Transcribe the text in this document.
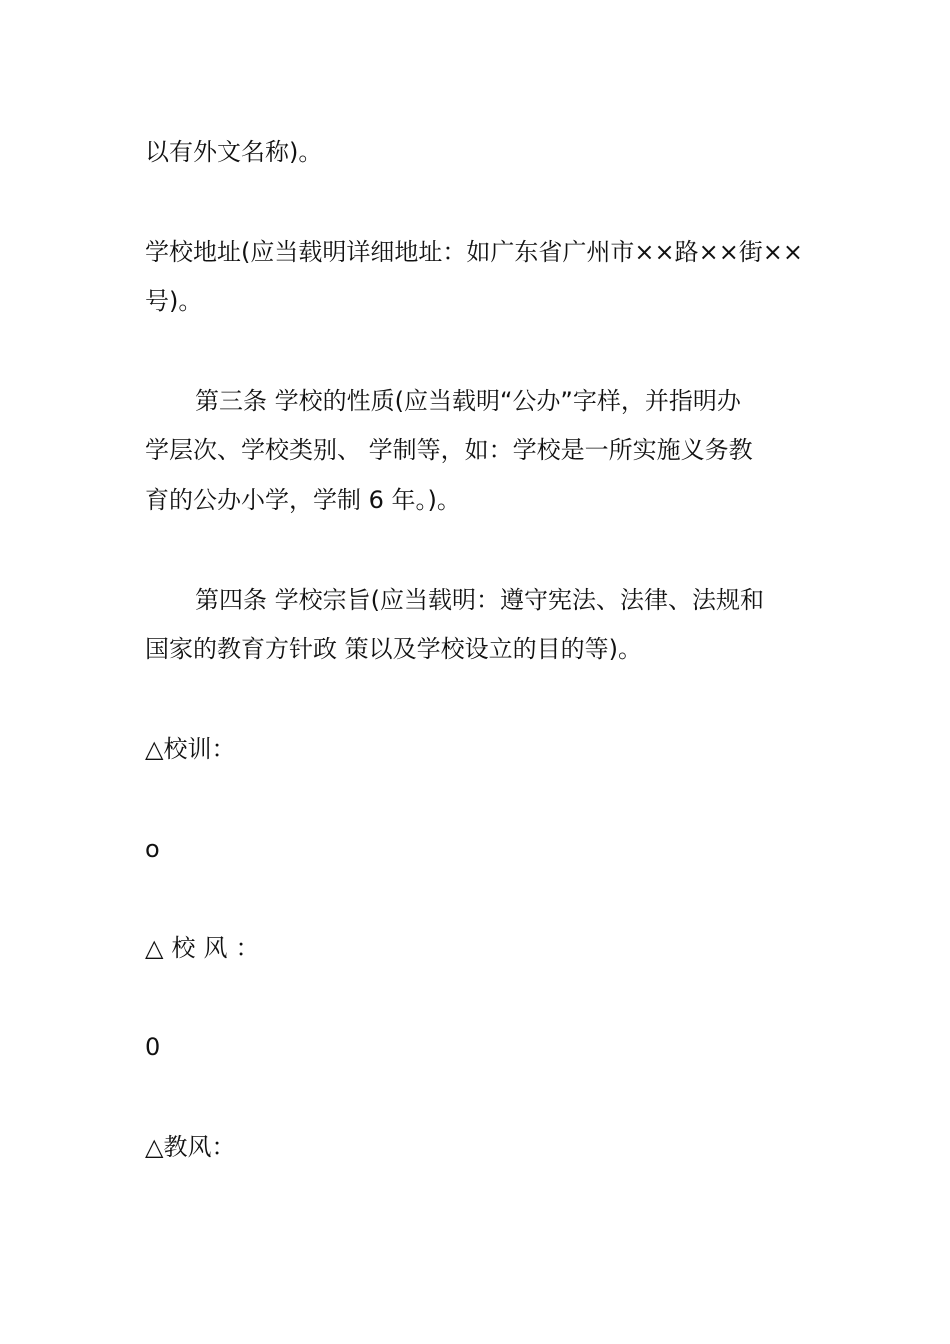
以有外文名称)。

学校地址(应当载明详细地址：如广东省广州市××路××街××

号)。

第三条 学校的性质(应当载明“公办”字样，并指明办

学层次、学校类别、 学制等，如：学校是一所实施义务教

育的公办小学，学制 6 年。)。

第四条 学校宗旨(应当载明：遵守宪法、法律、法规和

国家的教育方针政 策以及学校设立的目的等)。

△校训：

o

△校风：

0

△教风：
